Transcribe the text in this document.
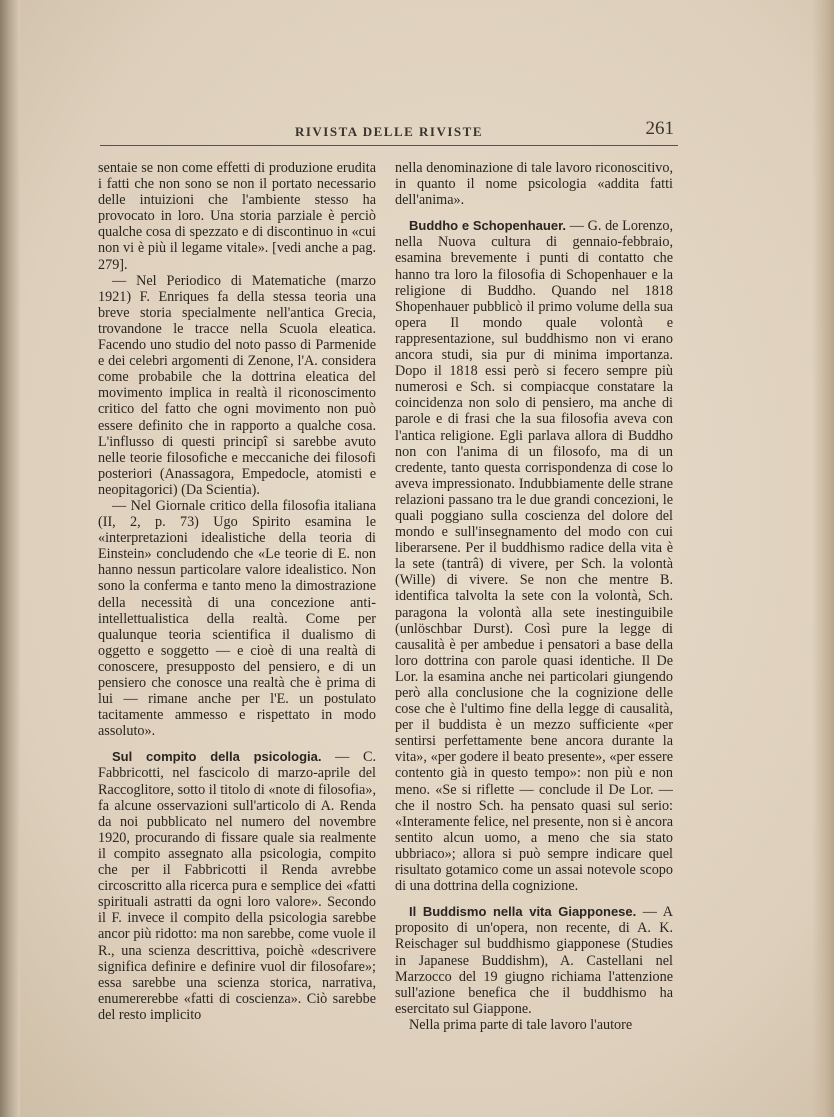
RIVISTA DELLE RIVISTE	261

sentaie se non come effetti di produzione erudita i fatti che non sono se non il portato necessario delle intuizioni che l'ambiente stesso ha provocato in loro. Una storia parziale è perciò qualche cosa di spezzato e di discontinuo in «cui non vi è più il legame vitale». [vedi anche a pag. 279].

— Nel Periodico di Matematiche (marzo 1921) F. Enriques fa della stessa teoria una breve storia specialmente nell'antica Grecia, trovandone le tracce nella Scuola eleatica. Facendo uno studio del noto passo di Parmenide e dei celebri argomenti di Zenone, l'A. considera come probabile che la dottrina eleatica del movimento implica in realtà il riconoscimento critico del fatto che ogni movimento non può essere definito che in rapporto a qualche cosa. L'influsso di questi principî si sarebbe avuto nelle teorie filosofiche e meccaniche dei filosofi posteriori (Anassagora, Empedocle, atomisti e neopitagorici) (Da Scientia).

— Nel Giornale critico della filosofia italiana (II, 2, p. 73) Ugo Spirito esamina le «interpretazioni idealistiche della teoria di Einstein» concludendo che «Le teorie di E. non hanno nessun particolare valore idealistico. Non sono la conferma e tanto meno la dimostrazione della necessità di una concezione anti-intellettualistica della realtà. Come per qualunque teoria scientifica il dualismo di oggetto e soggetto — e cioè di una realtà di conoscere, presupposto del pensiero, e di un pensiero che conosce una realtà che è prima di lui — rimane anche per l'E. un postulato tacitamente ammesso e rispettato in modo assoluto».

Sul compito della psicologia. — C. Fabbricotti, nel fascicolo di marzo-aprile del Raccoglitore, sotto il titolo di «note di filosofia», fa alcune osservazioni sull'articolo di A. Renda da noi pubblicato nel numero del novembre 1920, procurando di fissare quale sia realmente il compito assegnato alla psicologia, compito che per il Fabbricotti il Renda avrebbe circoscritto alla ricerca pura e semplice dei «fatti spirituali astratti da ogni loro valore». Secondo il F. invece il compito della psicologia sarebbe ancor più ridotto: ma non sarebbe, come vuole il R., una scienza descrittiva, poichè «descrivere significa definire e definire vuol dir filosofare»; essa sarebbe una scienza storica, narrativa, enumererebbe «fatti di coscienza». Ciò sarebbe del resto implicito

nella denominazione di tale lavoro riconoscitivo, in quanto il nome psicologia «addita fatti dell'anima».

Buddho e Schopenhauer. — G. de Lorenzo, nella Nuova cultura di gennaio-febbraio, esamina brevemente i punti di contatto che hanno tra loro la filosofia di Schopenhauer e la religione di Buddho. Quando nel 1818 Shopenhauer pubblicò il primo volume della sua opera Il mondo quale volontà e rappresentazione, sul buddhismo non vi erano ancora studi, sia pur di minima importanza. Dopo il 1818 essi però si fecero sempre più numerosi e Sch. si compiacque constatare la coincidenza non solo di pensiero, ma anche di parole e di frasi che la sua filosofia aveva con l'antica religione. Egli parlava allora di Buddho non con l'anima di un filosofo, ma di un credente, tanto questa corrispondenza di cose lo aveva impressionato. Indubbiamente delle strane relazioni passano tra le due grandi concezioni, le quali poggiano sulla coscienza del dolore del mondo e sull'insegnamento del modo con cui liberarsene. Per il buddhismo radice della vita è la sete (tantrâ) di vivere, per Sch. la volontà (Wille) di vivere. Se non che mentre B. identifica talvolta la sete con la volontà, Sch. paragona la volontà alla sete inestinguibile (unlöschbar Durst). Così pure la legge di causalità è per ambedue i pensatori a base della loro dottrina con parole quasi identiche. Il De Lor. la esamina anche nei particolari giungendo però alla conclusione che la cognizione delle cose che è l'ultimo fine della legge di causalità, per il buddista è un mezzo sufficiente «per sentirsi perfettamente bene ancora durante la vita», «per godere il beato presente», «per essere contento già in questo tempo»: non più e non meno. «Se si riflette — conclude il De Lor. — che il nostro Sch. ha pensato quasi sul serio: «Interamente felice, nel presente, non si è ancora sentito alcun uomo, a meno che sia stato ubbriaco»; allora si può sempre indicare quel risultato gotamico come un assai notevole scopo di una dottrina della cognizione.

Il Buddismo nella vita Giapponese. — A proposito di un'opera, non recente, di A. K. Reischager sul buddhismo giapponese (Studies in Japanese Buddishm), A. Castellani nel Marzocco del 19 giugno richiama l'attenzione sull'azione benefica che il buddhismo ha esercitato sul Giappone.

Nella prima parte di tale lavoro l'autore
